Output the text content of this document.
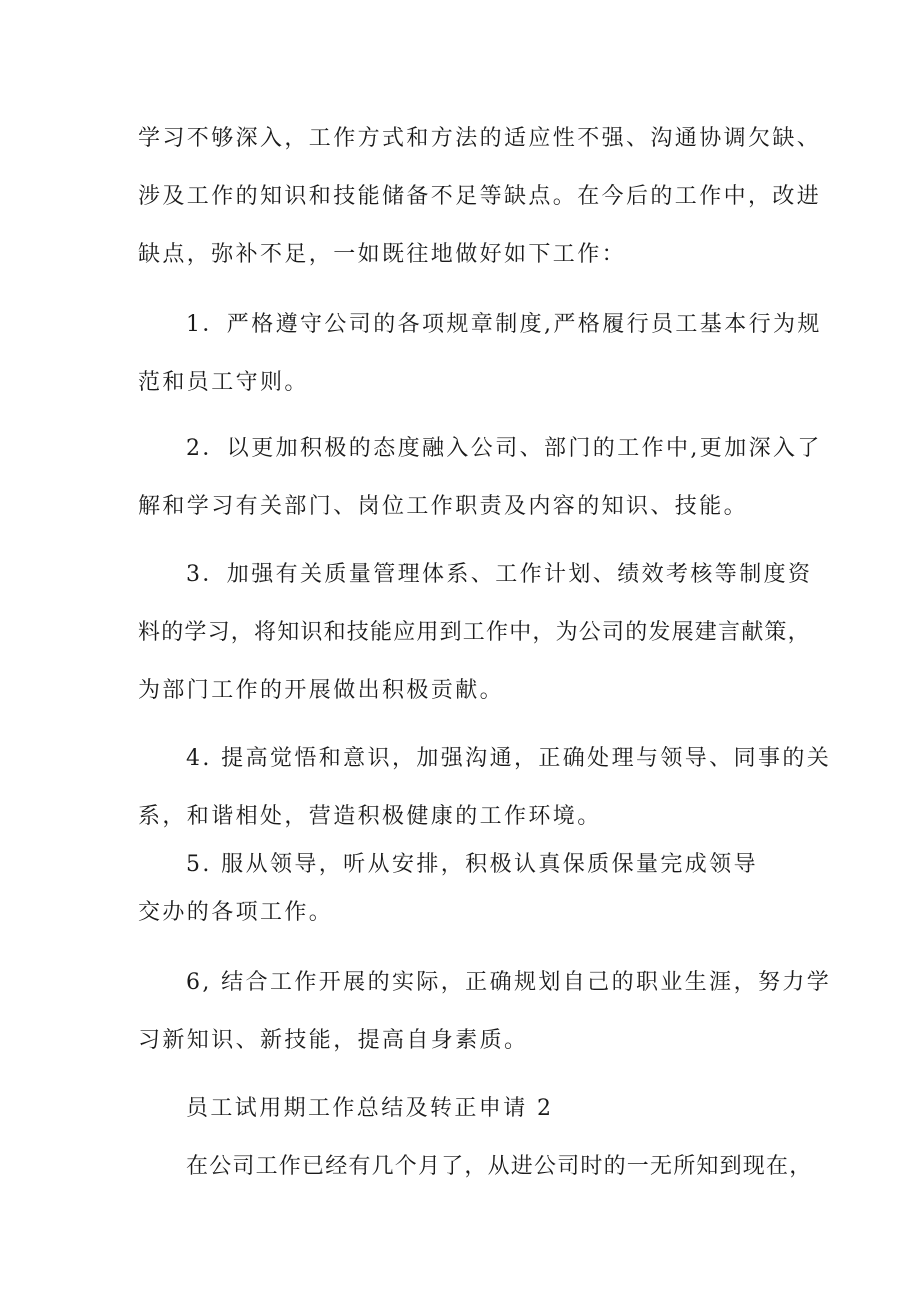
学习不够深入，工作方式和方法的适应性不强、沟通协调欠缺、
涉及工作的知识和技能储备不足等缺点。在今后的工作中，改进
缺点，弥补不足，一如既往地做好如下工作：
1．严格遵守公司的各项规章制度,严格履行员工基本行为规
范和员工守则。
2．以更加积极的态度融入公司、部门的工作中,更加深入了
解和学习有关部门、岗位工作职责及内容的知识、技能。
3．加强有关质量管理体系、工作计划、绩效考核等制度资
料的学习，将知识和技能应用到工作中，为公司的发展建言献策，
为部门工作的开展做出积极贡献。
4. 提高觉悟和意识，加强沟通，正确处理与领导、同事的关
系，和谐相处，营造积极健康的工作环境。
5. 服从领导，听从安排，积极认真保质保量完成领导
交办的各项工作。
6, 结合工作开展的实际，正确规划自己的职业生涯，努力学
习新知识、新技能，提高自身素质。
员工试用期工作总结及转正申请 2
在公司工作已经有几个月了，从进公司时的一无所知到现在，
